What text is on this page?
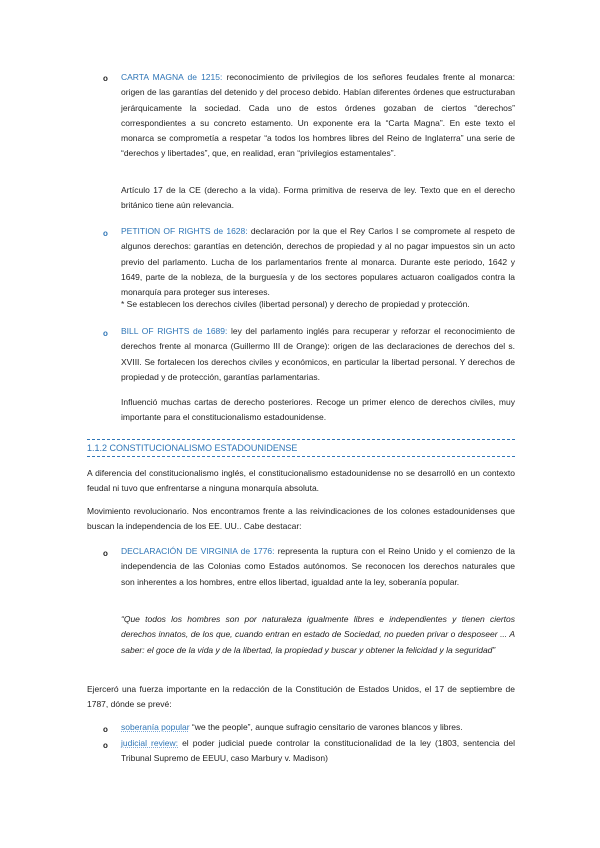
o CARTA MAGNA de 1215: reconocimiento de privilegios de los señores feudales frente al monarca: origen de las garantías del detenido y del proceso debido. Habían diferentes órdenes que estructuraban jerárquicamente la sociedad. Cada uno de estos órdenes gozaban de ciertos “derechos” correspondientes a su concreto estamento. Un exponente era la “Carta Magna”. En este texto el monarca se comprometía a respetar “a todos los hombres libres del Reino de Inglaterra” una serie de “derechos y libertades”, que, en realidad, eran “privilegios estamentales”.

Artículo 17 de la CE (derecho a la vida). Forma primitiva de reserva de ley. Texto que en el derecho británico tiene aún relevancia.

o PETITION OF RIGHTS de 1628: declaración por la que el Rey Carlos I se compromete al respeto de algunos derechos: garantías en detención, derechos de propiedad y al no pagar impuestos sin un acto previo del parlamento. Lucha de los parlamentarios frente al monarca. Durante este periodo, 1642 y 1649, parte de la nobleza, de la burguesía y de los sectores populares actuaron coaligados contra la monarquía para proteger sus intereses.

* Se establecen los derechos civiles (libertad personal) y derecho de propiedad y protección.

o BILL OF RIGHTS de 1689: ley del parlamento inglés para recuperar y reforzar el reconocimiento de derechos frente al monarca (Guillermo III de Orange): origen de las declaraciones de derechos del s. XVIII. Se fortalecen los derechos civiles y económicos, en particular la libertad personal. Y derechos de propiedad y de protección, garantías parlamentarias.

Influenció muchas cartas de derecho posteriores. Recoge un primer elenco de derechos civiles, muy importante para el constitucionalismo estadounidense.

1.1.2 CONSTITUCIONALISMO ESTADOUNIDENSE

A diferencia del constitucionalismo inglés, el constitucionalismo estadounidense no se desarrolló en un contexto feudal ni tuvo que enfrentarse a ninguna monarquía absoluta.

Movimiento revolucionario. Nos encontramos frente a las reivindicaciones de los colones estadounidenses que buscan la independencia de los EE. UU.. Cabe destacar:

o DECLARACIÓN DE VIRGINIA de 1776: representa la ruptura con el Reino Unido y el comienzo de la independencia de las Colonias como Estados autónomos. Se reconocen los derechos naturales que son inherentes a los hombres, entre ellos libertad, igualdad ante la ley, soberanía popular.

“Que todos los hombres son por naturaleza igualmente libres e independientes y tienen ciertos derechos innatos, de los que, cuando entran en estado de Sociedad, no pueden privar o desposeer ... A saber: el goce de la vida y de la libertad, la propiedad y buscar y obtener la felicidad y la seguridad”

Ejerceró una fuerza importante en la redacción de la Constitución de Estados Unidos, el 17 de septiembre de 1787, dónde se prevé:

o soberanía popular “we the people”, aunque sufragio censitario de varones blancos y libres.

o judicial review: el poder judicial puede controlar la constitucionalidad de la ley (1803, sentencia del Tribunal Supremo de EEUU, caso Marbury v. Madison)
